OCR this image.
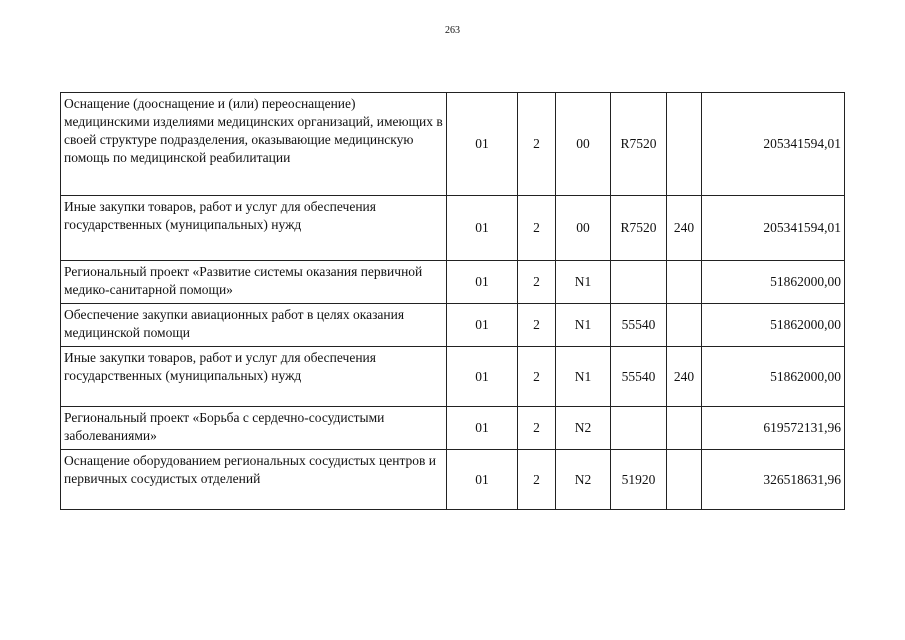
263
Оснащение (дооснащение и (или) переоснащение) медицинскими изделиями медицинских организаций, имеющих в своей структуре подразделения, оказывающие медицинскую помощь по медицинской реабилитации	01	2	00	R7520		205341594,01
Иные закупки товаров, работ и услуг для обеспечения государственных (муниципальных) нужд	01	2	00	R7520	240	205341594,01
Региональный проект «Развитие системы оказания первичной медико-санитарной помощи»	01	2	N1			51862000,00
Обеспечение закупки авиационных работ в целях оказания медицинской помощи	01	2	N1	55540		51862000,00
Иные закупки товаров, работ и услуг для обеспечения государственных (муниципальных) нужд	01	2	N1	55540	240	51862000,00
Региональный проект «Борьба с сердечно-сосудистыми заболеваниями»	01	2	N2			619572131,96
Оснащение оборудованием региональных сосудистых центров и первичных сосудистых отделений	01	2	N2	51920		326518631,96
